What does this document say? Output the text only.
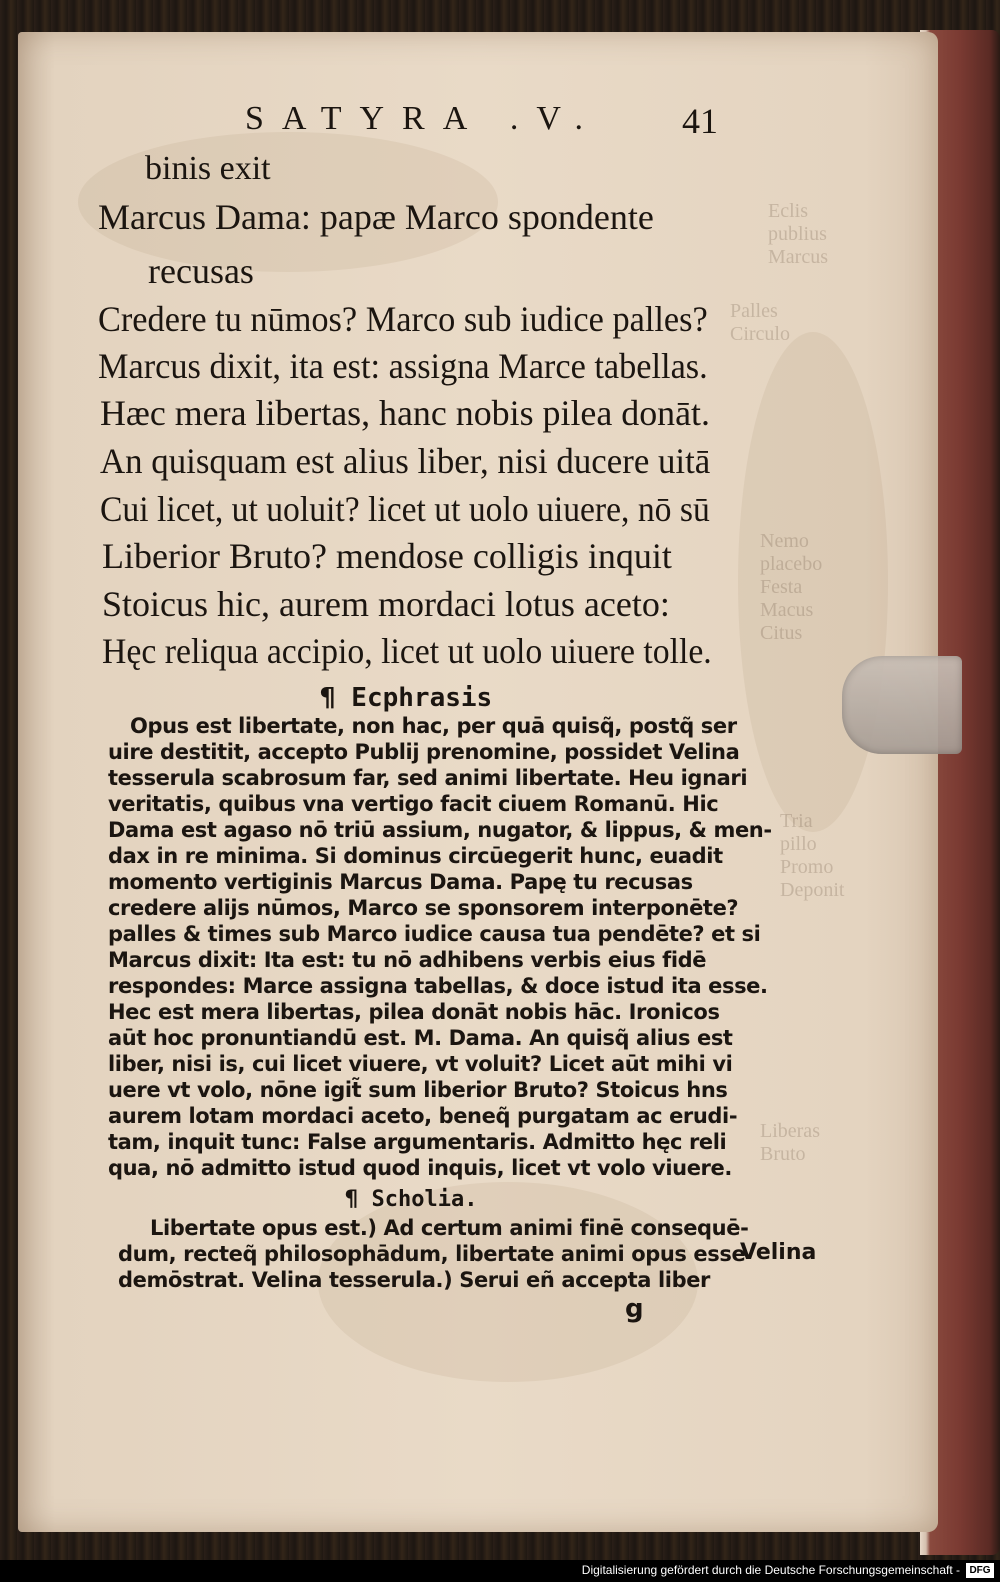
Eclis
publius
Marcus
Palles
Circulo
Nemo
placebo
Festa
Macus
Citus
Tria
pillo
Promo
Deponit
Liberas
Bruto
SATYRA .V. 41
binis exit
Marcus Dama: papæ Marco spondente
recusas
Credere tu nūmos? Marco sub iudice palles?
Marcus dixit, ita est: assigna Marce tabellas.
Hæc mera libertas, hanc nobis pilea donāt.
An quisquam est alius liber, nisi ducere uitā
Cui licet, ut uoluit? licet ut uolo uiuere, nō sū
Liberior Bruto? mendose colligis inquit
Stoicus hic, aurem mordaci lotus aceto:
Hęc reliqua accipio, licet ut uolo uiuere tolle.
¶ Ecphrasis
Opus est libertate, non hac, per quā quisq̃, postq̃ ser
uire destitit, accepto Publij prenomine, possidet Velina
tesserula scabrosum far, sed animi libertate. Heu ignari
veritatis, quibus vna vertigo facit ciuem Romanū. Hic
Dama est agaso nō triū assium, nugator, & lippus, & men-
dax in re minima. Si dominus circūegerit hunc, euadit
momento vertiginis Marcus Dama. Papę tu recusas
credere alijs nūmos, Marco se sponsorem interponēte?
palles & times sub Marco iudice causa tua pendēte? et si
Marcus dixit: Ita est: tu nō adhibens verbis eius fidē
respondes: Marce assigna tabellas, & doce istud ita esse.
Hec est mera libertas, pilea donāt nobis hāc. Ironicos
aūt hoc pronuntiandū est. M. Dama. An quisq̃ alius est
liber, nisi is, cui licet viuere, vt voluit? Licet aūt mihi vi
uere vt volo, nōne igit̃ sum liberior Bruto? Stoicus hns
aurem lotam mordaci aceto, beneq̃ purgatam ac erudi-
tam, inquit tunc: False argumentaris. Admitto hęc reli
qua, nō admitto istud quod inquis, licet vt volo viuere.
¶ Scholia.
Libertate opus est.) Ad certum animi finē consequē-
dum, recteq̃ philosophādum, libertate animi opus esse
demōstrat. Velina tesserula.) Serui eñ accepta liber
Velina
g
Digitalisierung gefördert durch die Deutsche Forschungsgemeinschaft - DFG
